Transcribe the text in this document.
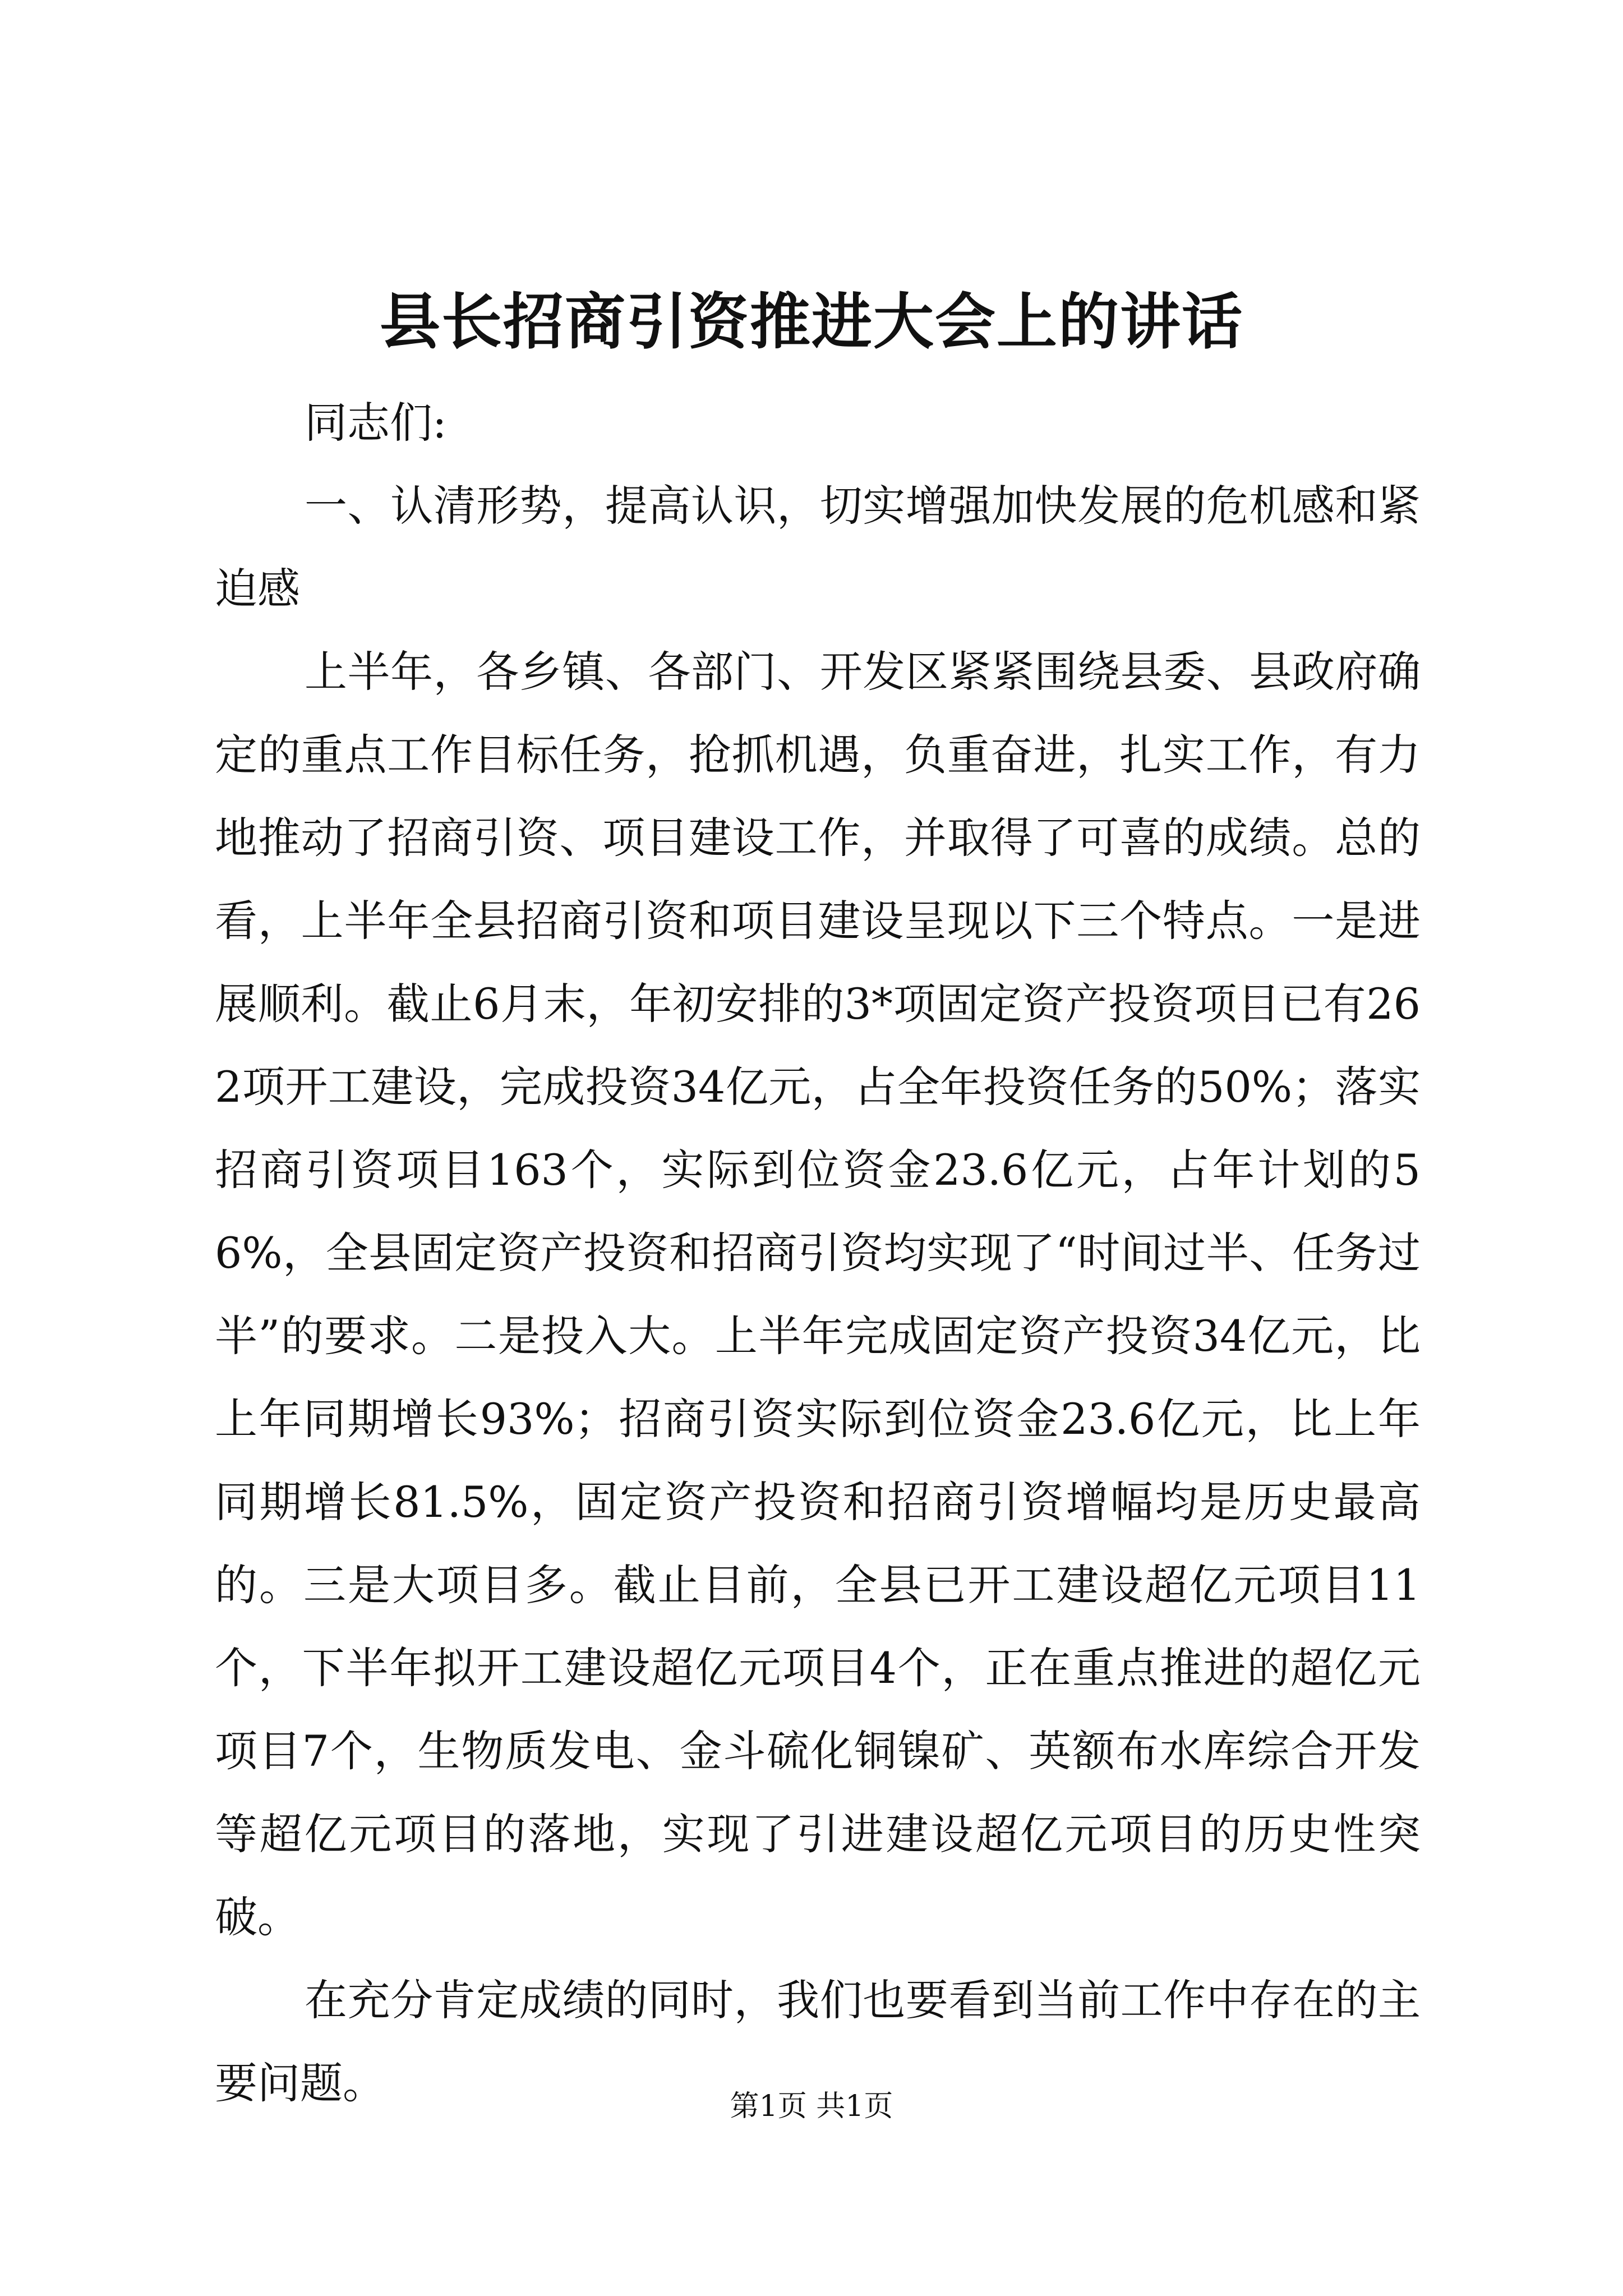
县长招商引资推进大会上的讲话

同志们:

一、认清形势，提高认识，切实增强加快发展的危机感和紧迫感

上半年，各乡镇、各部门、开发区紧紧围绕县委、县政府确定的重点工作目标任务，抢抓机遇，负重奋进，扎实工作，有力地推动了招商引资、项目建设工作，并取得了可喜的成绩。总的看，上半年全县招商引资和项目建设呈现以下三个特点。一是进展顺利。截止6月末，年初安排的3*项固定资产投资项目已有262项开工建设，完成投资34亿元，占全年投资任务的50%；落实招商引资项目163个，实际到位资金23.6亿元，占年计划的56%，全县固定资产投资和招商引资均实现了“时间过半、任务过半”的要求。二是投入大。上半年完成固定资产投资34亿元，比上年同期增长93%；招商引资实际到位资金23.6亿元，比上年同期增长81.5%，固定资产投资和招商引资增幅均是历史最高的。三是大项目多。截止目前，全县已开工建设超亿元项目11个，下半年拟开工建设超亿元项目4个，正在重点推进的超亿元项目7个，生物质发电、金斗硫化铜镍矿、英额布水库综合开发等超亿元项目的落地，实现了引进建设超亿元项目的历史性突破。

在充分肯定成绩的同时，我们也要看到当前工作中存在的主要问题。	第1页 共1页
